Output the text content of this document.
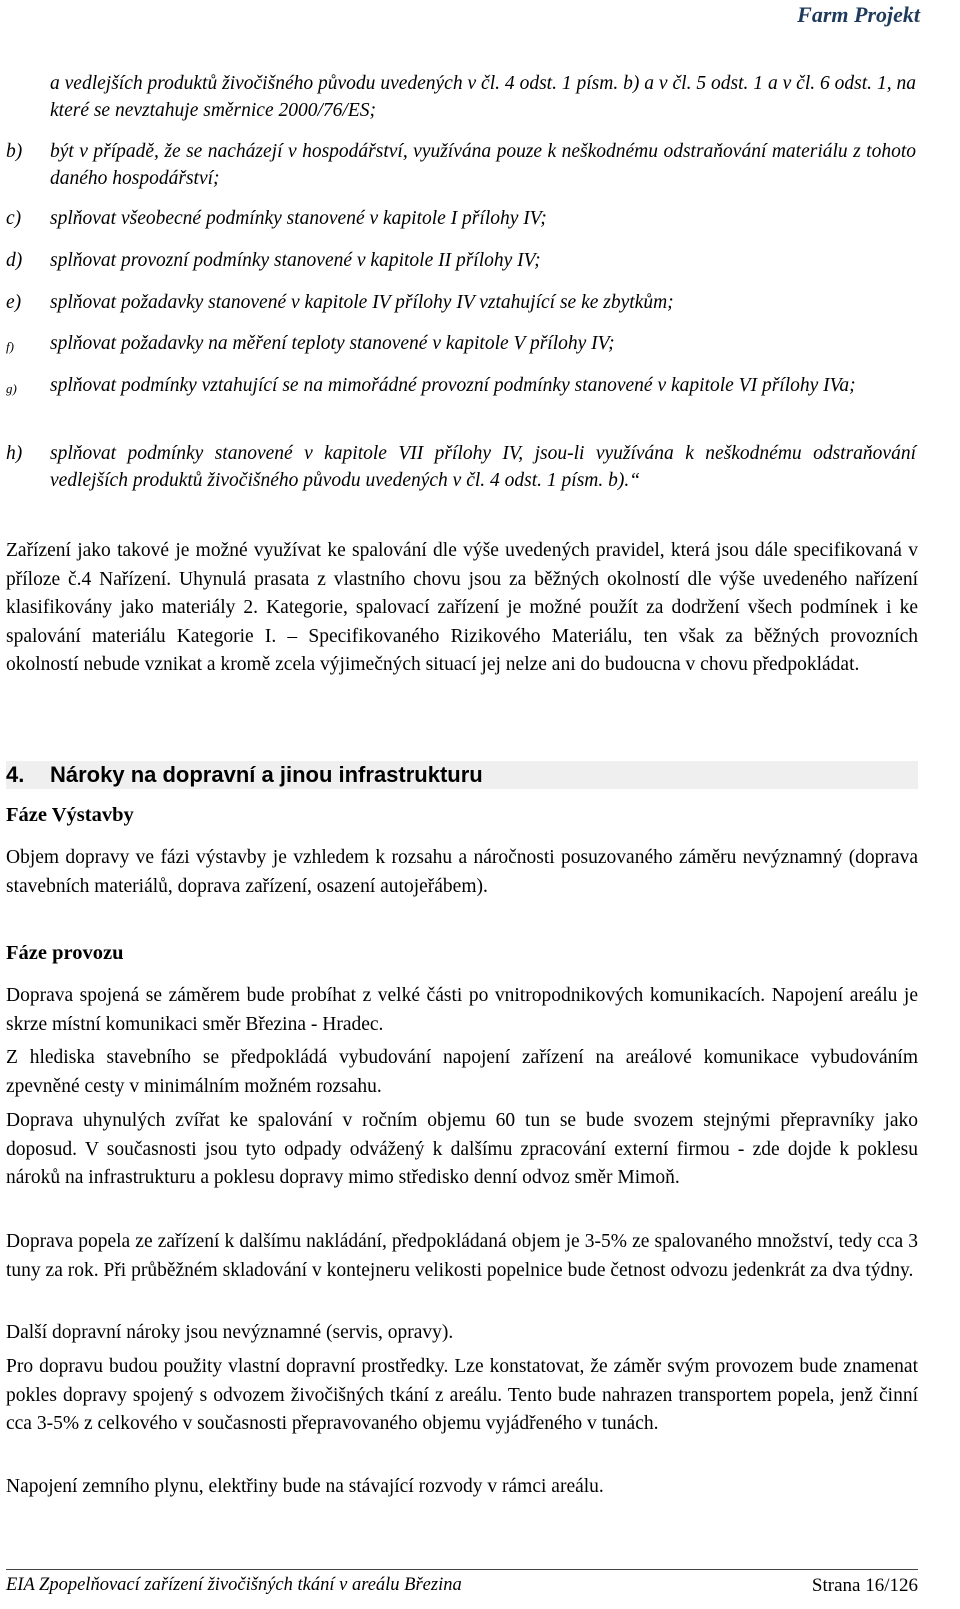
Farm Projekt
a vedlejších produktů živočišného původu uvedených v čl. 4 odst. 1 písm. b) a v čl. 5 odst. 1 a v čl. 6 odst. 1, na které se nevztahuje směrnice 2000/76/ES;
b) být v případě, že se nacházejí v hospodářství, využívána pouze k neškodnému odstraňování materiálu z tohoto daného hospodářství;
c) splňovat všeobecné podmínky stanovené v kapitole I přílohy IV;
d) splňovat provozní podmínky stanovené v kapitole II přílohy IV;
e) splňovat požadavky stanovené v kapitole IV přílohy IV vztahující se ke zbytkům;
f) splňovat požadavky na měření teploty stanovené v kapitole V přílohy IV;
g) splňovat podmínky vztahující se na mimořádné provozní podmínky stanovené v kapitole VI přílohy IVa;
h) splňovat podmínky stanovené v kapitole VII přílohy IV, jsou-li využívána k neškodnému odstraňování vedlejších produktů živočišného původu uvedených v čl. 4 odst. 1 písm. b).“
Zařízení jako takové je možné využívat ke spalování dle výše uvedených pravidel, která jsou dále specifikovaná v příloze č.4 Nařízení. Uhynulá prasata z vlastního chovu jsou za běžných okolností dle výše uvedeného nařízení klasifikovány jako materiály 2. Kategorie, spalovací zařízení je možné použít za dodržení všech podmínek i ke spalování materiálu Kategorie I. – Specifikovaného Rizikového Materiálu, ten však za běžných provozních okolností nebude vznikat a kromě zcela výjimečných situací jej nelze ani do budoucna v chovu předpokládat.
4. Nároky na dopravní a jinou infrastrukturu
Fáze Výstavby
Objem dopravy ve fázi výstavby je vzhledem k rozsahu a náročnosti posuzovaného záměru nevýznamný (doprava stavebních materiálů, doprava zařízení, osazení autojeřábem).
Fáze provozu
Doprava spojená se záměrem bude probíhat z velké části po vnitropodnikových komunikacích. Napojení areálu je skrze místní komunikaci směr Březina - Hradec.
Z hlediska stavebního se předpokládá vybudování napojení zařízení na areálové komunikace vybudováním zpevněné cesty v minimálním možném rozsahu.
Doprava uhynulých zvířat ke spalování v ročním objemu 60 tun se bude svozem stejnými přepravníky jako doposud. V současnosti jsou tyto odpady odvážený k dalšímu zpracování externí firmou - zde dojde k poklesu nároků na infrastrukturu a poklesu dopravy mimo středisko denní odvoz směr Mimoň.
Doprava popela ze zařízení k dalšímu nakládání, předpokládaná objem je 3-5% ze spalovaného množství, tedy cca 3 tuny za rok. Při průběžném skladování v kontejneru velikosti popelnice bude četnost odvozu jedenkrát za dva týdny.
Další dopravní nároky jsou nevýznamné (servis, opravy).
Pro dopravu budou použity vlastní dopravní prostředky. Lze konstatovat, že záměr svým provozem bude znamenat pokles dopravy spojený s odvozem živočišných tkání z areálu. Tento bude nahrazen transportem popela, jenž činní cca 3-5% z celkového v současnosti přepravovaného objemu vyjádřeného v tunách.
Napojení zemního plynu, elektřiny bude na stávající rozvody v rámci areálu.
EIA Zpopelňovací zařízení živočišných tkání v areálu Březina	Strana 16/126
